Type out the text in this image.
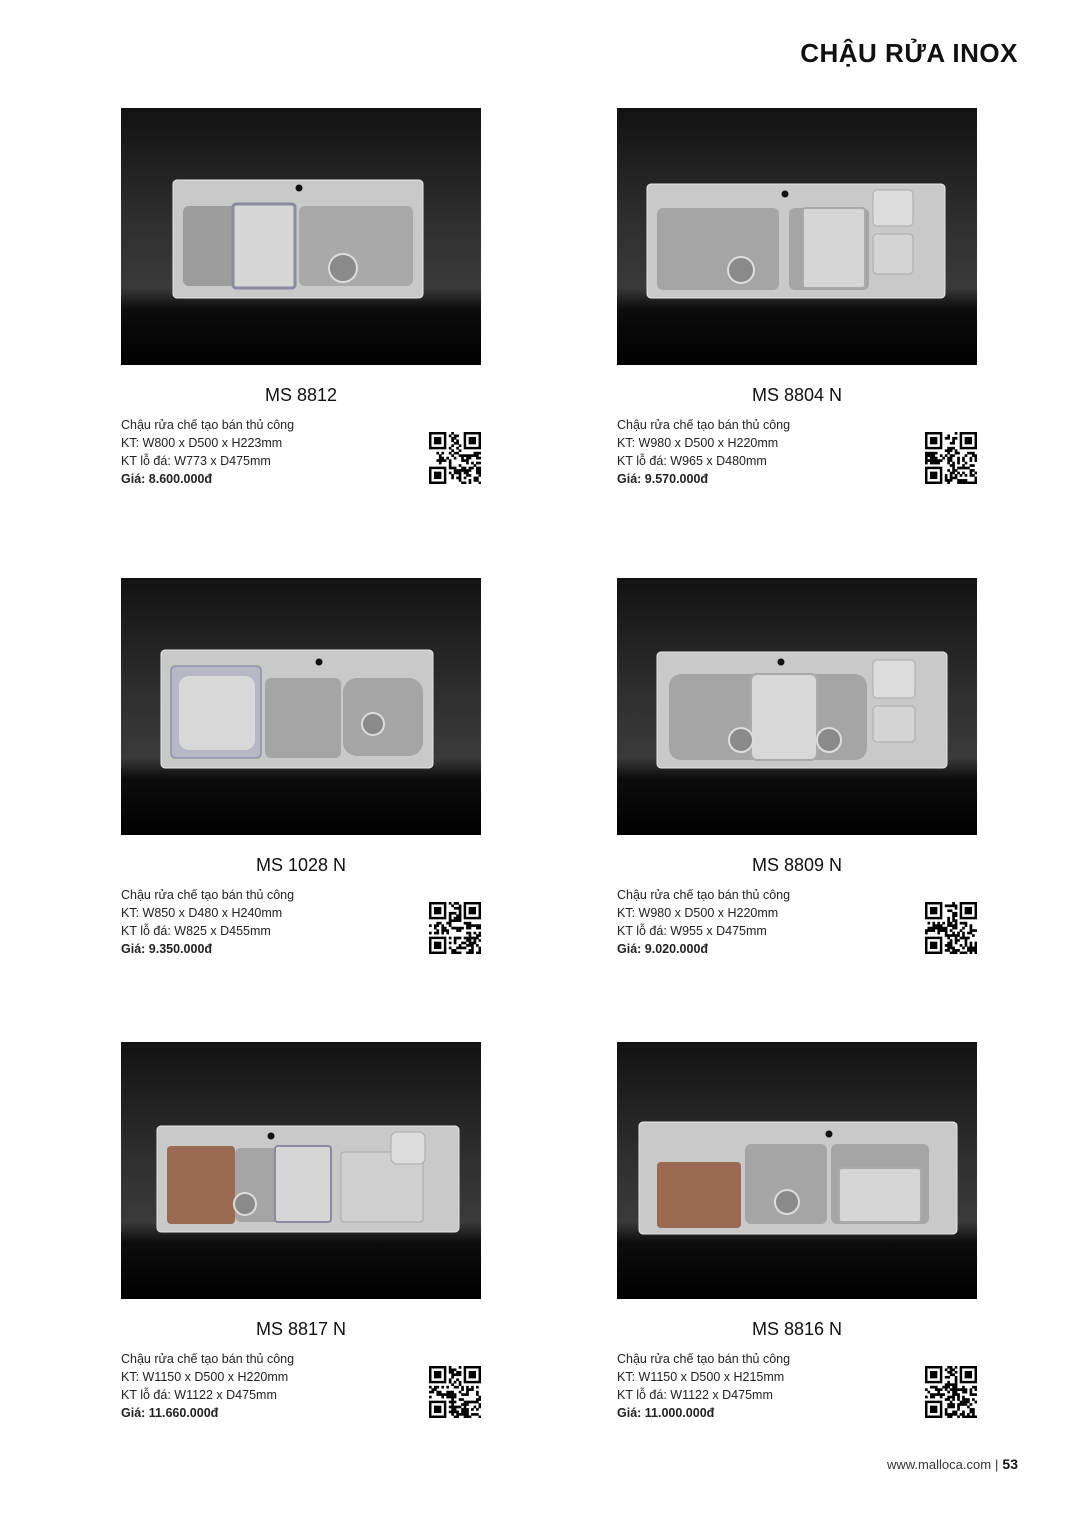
CHẬU RỬA INOX
MS 8812
Chậu rửa chế tạo bán thủ công
KT: W800 x D500 x H223mm
KT lỗ đá: W773 x D475mm
Giá: 8.600.000đ
MS 8804 N
Chậu rửa chế tạo bán thủ công
KT: W980 x D500 x H220mm
KT lỗ đá: W965 x D480mm
Giá: 9.570.000đ
MS 1028 N
Chậu rửa chế tạo bán thủ công
KT: W850 x D480 x H240mm
KT lỗ đá: W825 x D455mm
Giá: 9.350.000đ
MS 8809 N
Chậu rửa chế tạo bán thủ công
KT: W980 x D500 x H220mm
KT lỗ đá: W955 x D475mm
Giá: 9.020.000đ
MS 8817 N
Chậu rửa chế tạo bán thủ công
KT: W1150 x D500 x H220mm
KT lỗ đá: W1122 x D475mm
Giá: 11.660.000đ
MS 8816 N
Chậu rửa chế tạo bán thủ công
KT: W1150 x D500 x H215mm
KT lỗ đá: W1122 x D475mm
Giá: 11.000.000đ
www.malloca.com | 53
